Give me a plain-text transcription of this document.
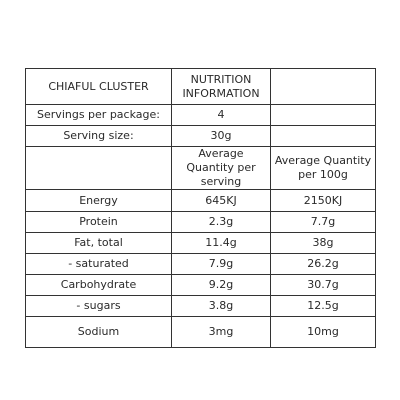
CHIAFUL CLUSTER	NUTRITION INFORMATION	
Servings per package:	4	
Serving size:	30g	
	Average Quantity per serving	Average Quantity per 100g
Energy	645KJ	2150KJ
Protein	2.3g	7.7g
Fat, total	11.4g	38g
- saturated	7.9g	26.2g
Carbohydrate	9.2g	30.7g
- sugars	3.8g	12.5g
Sodium	3mg	10mg
